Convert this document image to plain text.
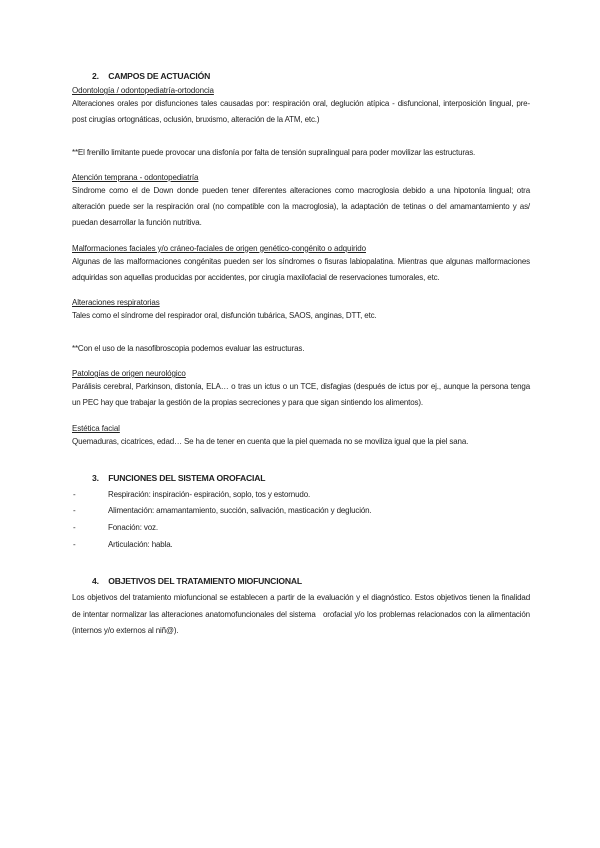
2. CAMPOS DE ACTUACIÓN
Odontología / odontopediatría-ortodoncia

Alteraciones orales por disfunciones tales causadas por: respiración oral, deglución atípica - disfuncional, interposición lingual, pre-post cirugías ortognáticas, oclusión, bruxismo, alteración de la ATM, etc.)

**El frenillo limitante puede provocar una disfonía por falta de tensión supralingual para poder movilizar las estructuras.

Atención temprana - odontopediatría

Síndrome como el de Down donde pueden tener diferentes alteraciones como macroglosia debido a una hipotonía lingual; otra alteración puede ser la respiración oral (no compatible con la macroglosia), la adaptación de tetinas o del amamantamiento y as/ puedan desarrollar la función nutritiva.

Malformaciones faciales y/o cráneo-faciales de origen genético-congénito o adquirido

Algunas de las malformaciones congénitas pueden ser los síndromes o fisuras labiopalatina. Mientras que algunas malformaciones adquiridas son aquellas producidas por accidentes, por cirugía maxilofacial de reservaciones tumorales, etc.

Alteraciones respiratorias

Tales como el síndrome del respirador oral, disfunción tubárica, SAOS, anginas, DTT, etc.

**Con el uso de la nasofibroscopia podemos evaluar las estructuras.

Patologías de origen neurológico

Parálisis cerebral, Parkinson, distonía, ELA… o tras un ictus o un TCE, disfagias (después de ictus por ej., aunque la persona tenga un PEC hay que trabajar la gestión de la propias secreciones y para que sigan sintiendo los alimentos).

Estética facial

Quemaduras, cicatrices, edad… Se ha de tener en cuenta que la piel quemada no se moviliza igual que la piel sana.

3. FUNCIONES DEL SISTEMA OROFACIAL
-	Respiración: inspiración- espiración, soplo, tos y estornudo.
-	Alimentación: amamantamiento, succión, salivación, masticación y deglución.
-	Fonación: voz.
-	Articulación: habla.
4. OBJETIVOS DEL TRATAMIENTO MIOFUNCIONAL

Los objetivos del tratamiento miofuncional se establecen a partir de la evaluación y el diagnóstico. Estos objetivos tienen la finalidad de intentar normalizar las alteraciones anatomofuncionales del sistema   orofacial y/o los problemas relacionados con la alimentación (internos y/o externos al niñ@).
